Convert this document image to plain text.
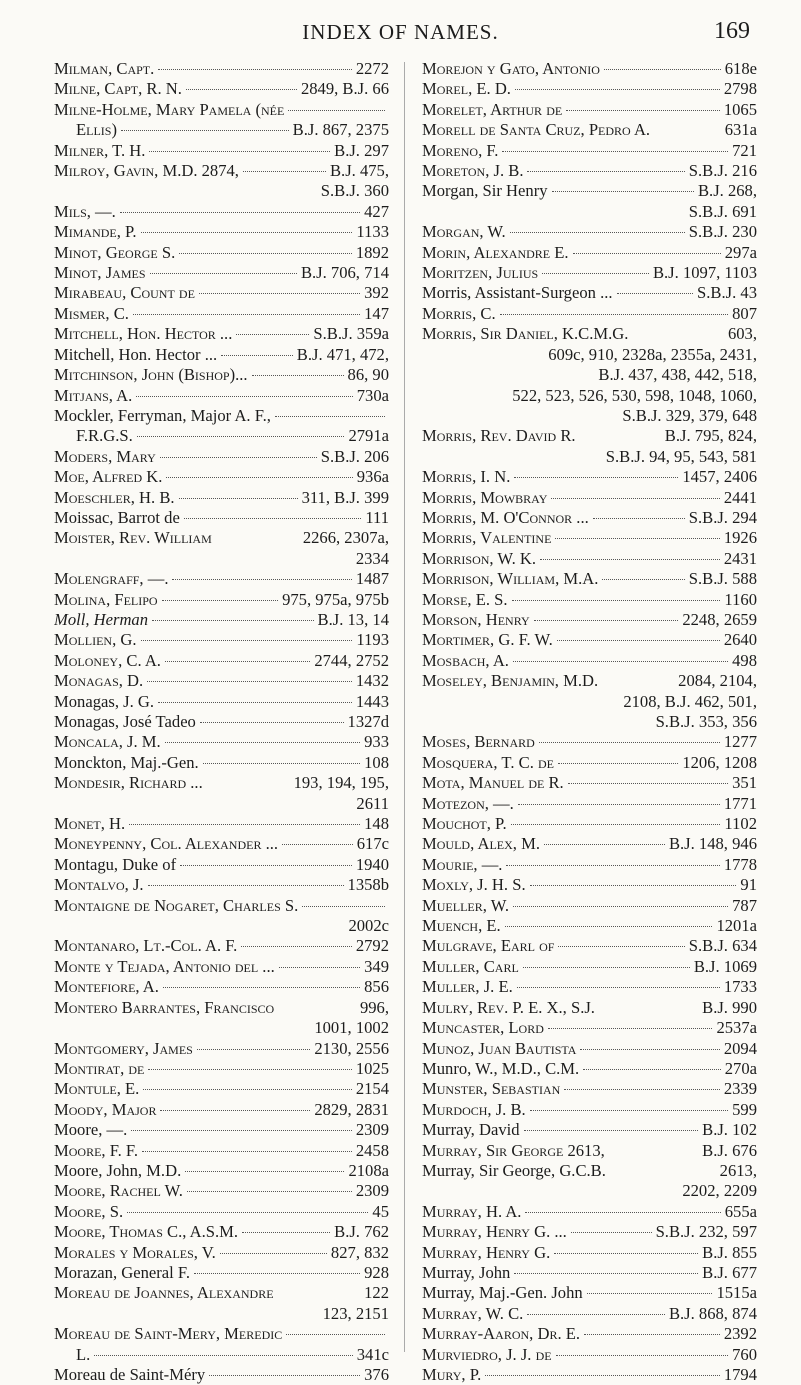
INDEX OF NAMES.	169
Milman, Capt.	2272
Milne, Capt, R. N.	2849, B.J. 66
Milne-Holme, Mary Pamela (née
Ellis)	B.J. 867, 2375
Milner, T. H.	B.J. 297
Milroy, Gavin, M.D. 2874,	B.J. 475,
S.B.J. 360
Mils, —.	427
Mimande, P.	1133
Minot, George S.	1892
Minot, James	B.J. 706, 714
Mirabeau, Count de	392
Mismer, C.	147
Mitchell, Hon. Hector ...	S.B.J. 359a
Mitchell, Hon. Hector ...	B.J. 471, 472,
Mitchinson, John (Bishop)...	86, 90
Mitjans, A.	730a
Mockler, Ferryman, Major A. F.,
F.R.G.S.	2791a
Moders, Mary	S.B.J. 206
Moe, Alfred K.	936a
Moeschler, H. B.	311, B.J. 399
Moissac, Barrot de	111
Moister, Rev. William	2266, 2307a,
2334
Molengraff, —.	1487
Molina, Felipo	975, 975a, 975b
Moll, Herman	B.J. 13, 14
Mollien, G.	1193
Moloney, C. A.	2744, 2752
Monagas, D.	1432
Monagas, J. G.	1443
Monagas, José Tadeo	1327d
Moncala, J. M.	933
Monckton, Maj.-Gen.	108
Mondesir, Richard ...	193, 194, 195,
2611
Monet, H.	148
Moneypenny, Col. Alexander ...	617c
Montagu, Duke of	1940
Montalvo, J.	1358b
Montaigne de Nogaret, Charles S.
2002c
Montanaro, Lt.-Col. A. F.	2792
Monte y Tejada, Antonio del ...	349
Montefiore, A.	856
Montero Barrantes, Francisco	996,
1001, 1002
Montgomery, James	2130, 2556
Montirat, de	1025
Montule, E.	2154
Moody, Major	2829, 2831
Moore, —.	2309
Moore, F. F.	2458
Moore, John, M.D.	2108a
Moore, Rachel W.	2309
Moore, S.	45
Moore, Thomas C., A.S.M.	B.J. 762
Morales y Morales, V.	827, 832
Morazan, General F.	928
Moreau de Joannes, Alexandre	122
123, 2151
Moreau de Saint-Mery, Meredic
L.	341c
Moreau de Saint-Méry	376
Morejon y Gato, Antonio	618e
Morel, E. D.	2798
Morelet, Arthur de	1065
Morell de Santa Cruz, Pedro A.	631a
Moreno, F.	721
Moreton, J. B.	S.B.J. 216
Morgan, Sir Henry	B.J. 268,
S.B.J. 691
Morgan, W.	S.B.J. 230
Morin, Alexandre E.	297a
Moritzen, Julius	B.J. 1097, 1103
Morris, Assistant-Surgeon ...	S.B.J. 43
Morris, C.	807
Morris, Sir Daniel, K.C.M.G.	603,
609c, 910, 2328a, 2355a, 2431,
B.J. 437, 438, 442, 518,
522, 523, 526, 530, 598, 1048, 1060,
S.B.J. 329, 379, 648
Morris, Rev. David R.	B.J. 795, 824,
S.B.J. 94, 95, 543, 581
Morris, I. N.	1457, 2406
Morris, Mowbray	2441
Morris, M. O'Connor ...	S.B.J. 294
Morris, Valentine	1926
Morrison, W. K.	2431
Morrison, William, M.A.	S.B.J. 588
Morse, E. S.	1160
Morson, Henry	2248, 2659
Mortimer, G. F. W.	2640
Mosbach, A.	498
Moseley, Benjamin, M.D.	2084, 2104,
2108, B.J. 462, 501,
S.B.J. 353, 356
Moses, Bernard	1277
Mosquera, T. C. de	1206, 1208
Mota, Manuel de R.	351
Motezon, —.	1771
Mouchot, P.	1102
Mould, Alex, M.	B.J. 148, 946
Mourie, —.	1778
Moxly, J. H. S.	91
Mueller, W.	787
Muench, E.	1201a
Mulgrave, Earl of	S.B.J. 634
Muller, Carl	B.J. 1069
Muller, J. E.	1733
Mulry, Rev. P. E. X., S.J.	B.J. 990
Muncaster, Lord	2537a
Munoz, Juan Bautista	2094
Munro, W., M.D., C.M.	270a
Munster, Sebastian	2339
Murdoch, J. B.	599
Murray, David	B.J. 102
Murray, Sir George 2613,	B.J. 676
Murray, Sir George, G.C.B.	2613,
2202, 2209
Murray, H. A.	655a
Murray, Henry G. ...	S.B.J. 232, 597
Murray, Henry G.	B.J. 855
Murray, John	B.J. 677
Murray, Maj.-Gen. John	1515a
Murray, W. C.	B.J. 868, 874
Murray-Aaron, Dr. E.	2392
Murviedro, J. J. de	760
Mury, P.	1794
